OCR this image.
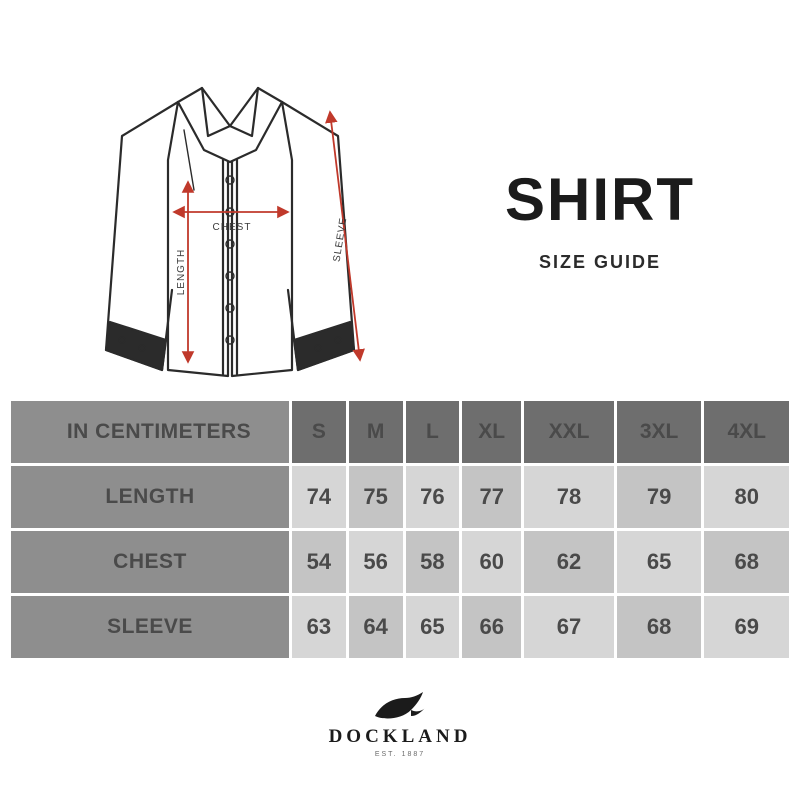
CHEST
LENGTH
SLEEVE
SHIRT
SIZE GUIDE
IN CENTIMETERS	S	M	L	XL	XXL	3XL	4XL
LENGTH	74	75	76	77	78	79	80
CHEST	54	56	58	60	62	65	68
SLEEVE	63	64	65	66	67	68	69
DOCKLAND
EST. 1887
